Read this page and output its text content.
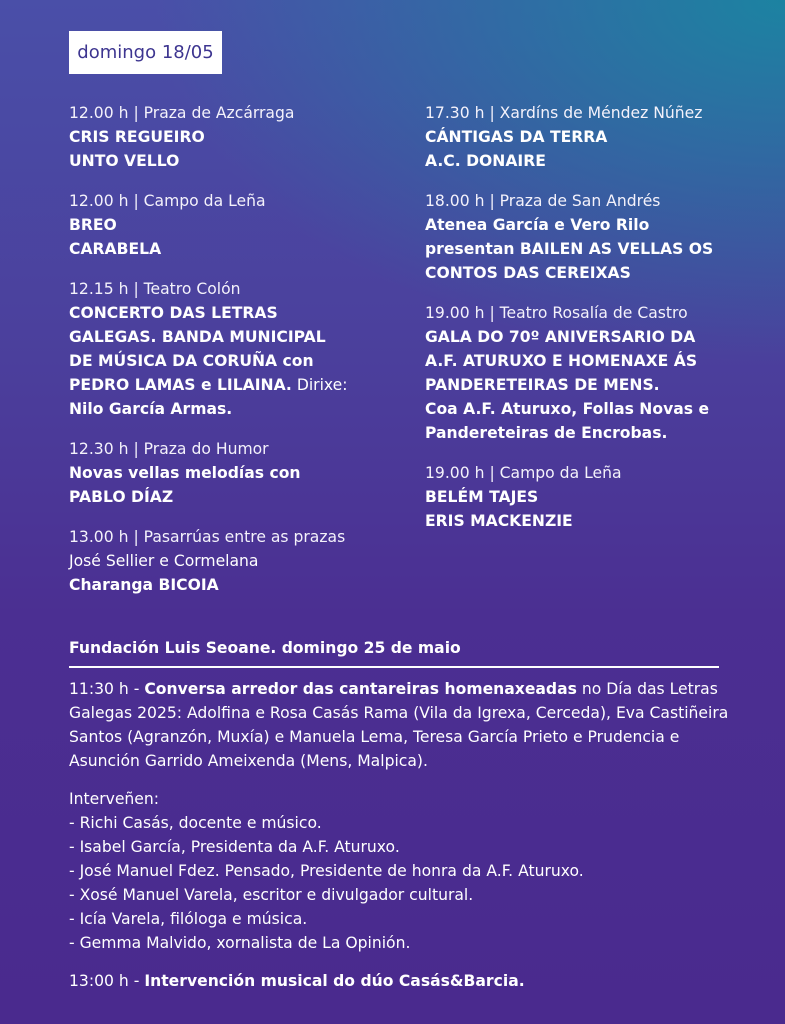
domingo 18/05
12.00 h | Praza de Azcárraga
CRIS REGUEIRO
UNTO VELLO
12.00 h | Campo da Leña
BREO
CARABELA
12.15 h | Teatro Colón
CONCERTO DAS LETRAS
GALEGAS. BANDA MUNICIPAL
DE MÚSICA DA CORUÑA con
PEDRO LAMAS e LILAINA. Dirixe:
Nilo García Armas.
12.30 h | Praza do Humor
Novas vellas melodías con
PABLO DÍAZ
13.00 h | Pasarrúas entre as prazas
José Sellier e Cormelana
Charanga BICOIA
17.30 h | Xardíns de Méndez Núñez
CÁNTIGAS DA TERRA
A.C. DONAIRE
18.00 h | Praza de San Andrés
Atenea García e Vero Rilo
presentan BAILEN AS VELLAS OS
CONTOS DAS CEREIXAS
19.00 h | Teatro Rosalía de Castro
GALA DO 70º ANIVERSARIO DA
A.F. ATURUXO E HOMENAXE ÁS
PANDERETEIRAS DE MENS.
Coa A.F. Aturuxo, Follas Novas e
Pandereteiras de Encrobas.
19.00 h | Campo da Leña
BELÉM TAJES
ERIS MACKENZIE
Fundación Luis Seoane. domingo 25 de maio
11:30 h - Conversa arredor das cantareiras homenaxeadas no Día das Letras
Galegas 2025: Adolfina e Rosa Casás Rama (Vila da Igrexa, Cerceda), Eva Castiñeira
Santos (Agranzón, Muxía) e Manuela Lema, Teresa García Prieto e Prudencia e
Asunción Garrido Ameixenda (Mens, Malpica).
Interveñen:
- Richi Casás, docente e músico.
- Isabel García, Presidenta da A.F. Aturuxo.
- José Manuel Fdez. Pensado, Presidente de honra da A.F. Aturuxo.
- Xosé Manuel Varela, escritor e divulgador cultural.
- Icía Varela, filóloga e música.
- Gemma Malvido, xornalista de La Opinión.
13:00 h - Intervención musical do dúo Casás&Barcia.
